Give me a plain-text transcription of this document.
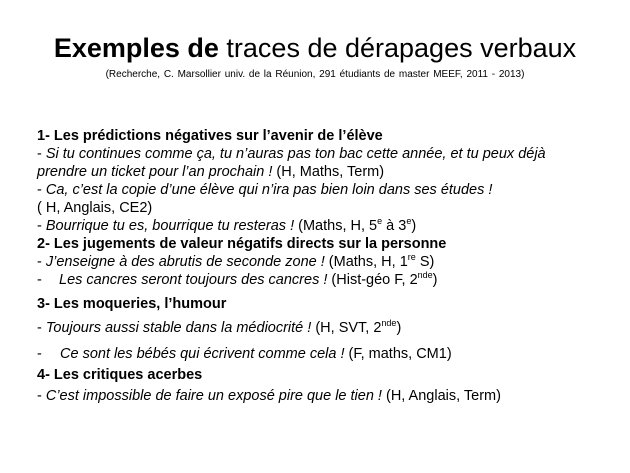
Exemples de traces de dérapages verbaux
(Recherche, C. Marsollier univ. de la Réunion, 291 étudiants de master MEEF, 2011 - 2013)
1- Les prédictions négatives sur l’avenir de l’élève
- Si tu continues comme ça, tu n’auras pas ton bac cette année, et tu peux déjà prendre un ticket pour l’an prochain ! (H, Maths, Term)
- Ca, c’est la copie d’une élève qui n’ira pas bien loin dans ses études !
( H, Anglais, CE2)
- Bourrique tu es, bourrique tu resteras ! (Maths, H, 5e à 3e)
2- Les jugements de valeur négatifs directs sur la personne
- J’enseigne à des abrutis de seconde zone ! (Maths, H, 1re S)
- Les cancres seront toujours des cancres ! (Hist-géo F, 2nde)
3- Les moqueries, l’humour
- Toujours aussi stable dans la médiocrité ! (H, SVT, 2nde)
- Ce sont les bébés qui écrivent comme cela ! (F, maths, CM1)
4- Les critiques acerbes
- C’est impossible de faire un exposé pire que le tien ! (H, Anglais, Term)
